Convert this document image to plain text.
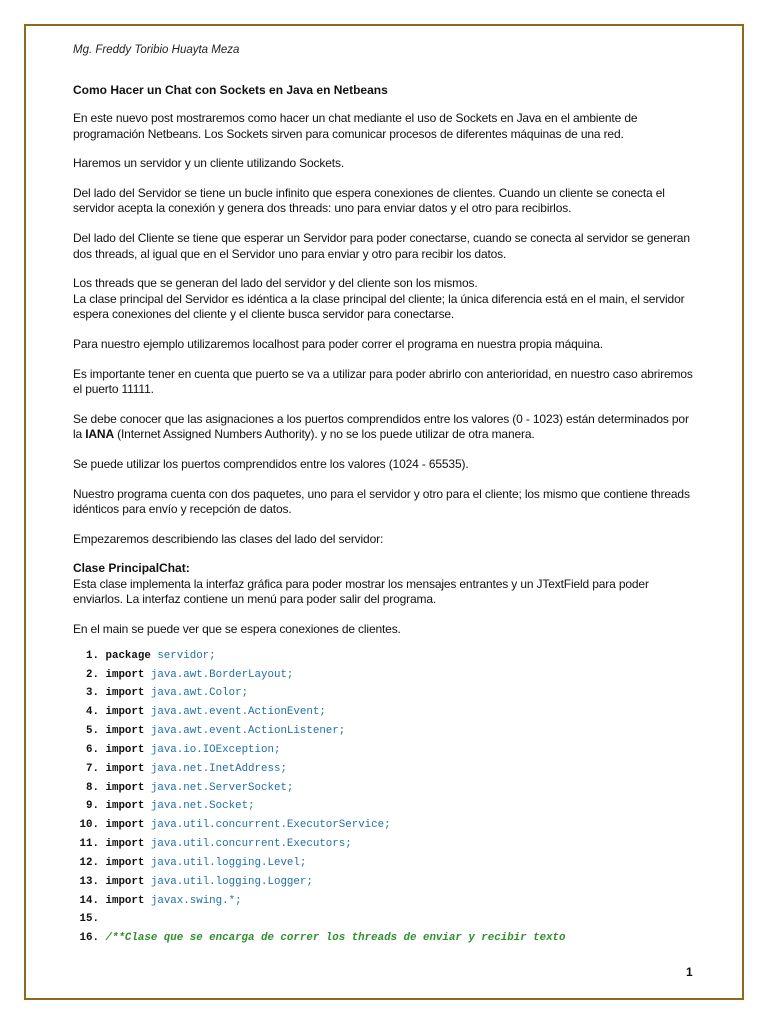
Mg. Freddy Toribio Huayta Meza
Como Hacer un Chat con Sockets en Java en Netbeans

En este nuevo post mostraremos como hacer un chat mediante el uso de Sockets en Java en el ambiente de programación Netbeans. Los Sockets sirven para comunicar procesos de diferentes máquinas de una red.

Haremos un servidor y un cliente utilizando Sockets.

Del lado del Servidor se tiene un bucle infinito que espera conexiones de clientes. Cuando un cliente se conecta el servidor acepta la conexión y genera dos threads: uno para enviar datos y el otro para recibirlos.

Del lado del Cliente se tiene que esperar un Servidor para poder conectarse, cuando se conecta al servidor se generan dos threads, al igual que en el Servidor uno para enviar y otro para recibir los datos.

Los threads que se generan del lado del servidor y del cliente son los mismos.

La clase principal del Servidor es idéntica a la clase principal del cliente; la única diferencia está en el main, el servidor espera conexiones del cliente y el cliente busca servidor para conectarse.

Para nuestro ejemplo utilizaremos localhost para poder correr el programa en nuestra propia máquina.

Es importante tener en cuenta que puerto se va a utilizar para poder abrirlo con anterioridad, en nuestro caso abriremos el puerto 11111.

Se debe conocer que las asignaciones a los puertos comprendidos entre los valores (0 - 1023) están determinados por la IANA (Internet Assigned Numbers Authority). y no se los puede utilizar de otra manera.

Se puede utilizar los puertos comprendidos entre los valores (1024 - 65535).

Nuestro programa cuenta con dos paquetes, uno para el servidor y otro para el cliente; los mismo que contiene threads idénticos para envío y recepción de datos.

Empezaremos describiendo las clases del lado del servidor:

Clase PrincipalChat:

Esta clase implementa la interfaz gráfica para poder mostrar los mensajes entrantes y un JTextField para poder enviarlos. La interfaz contiene un menú para poder salir del programa.

En el main se puede ver que se espera conexiones de clientes.

1. package servidor;
2. import java.awt.BorderLayout;
3. import java.awt.Color;
4. import java.awt.event.ActionEvent;
5. import java.awt.event.ActionListener;
6. import java.io.IOException;
7. import java.net.InetAddress;
8. import java.net.ServerSocket;
9. import java.net.Socket;
10. import java.util.concurrent.ExecutorService;
11. import java.util.concurrent.Executors;
12. import java.util.logging.Level;
13. import java.util.logging.Logger;
14. import javax.swing.*;
15.
16. /**Clase que se encarga de correr los threads de enviar y recibir texto
1
